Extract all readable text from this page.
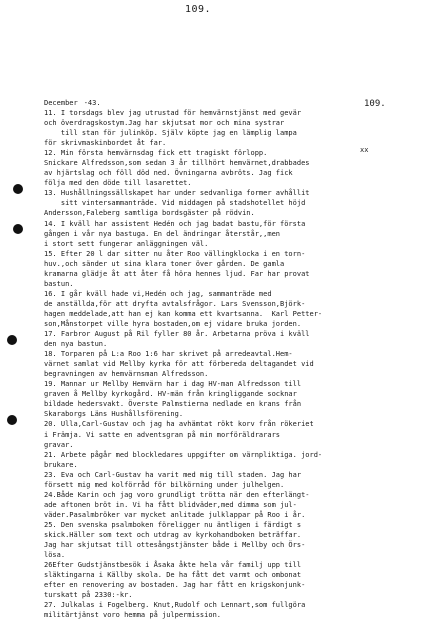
109.
109.
December -43.
xx
11. I torsdags blev jag utrustad för hemvärnstjänst med gevär
och överdragskostym.Jag har skjutsat mor och mina systrar
till stan för julinköp. Själv köpte jag en lämplig lampa
för skrivmaskinbordet åt far.
12. Min första hemvärnsdag fick ett tragiskt förlopp.
Snickare Alfredsson,som sedan 3 år tillhört hemvärnet,drabbades
av hjärtslag och föll död ned. Övningarna avbröts. Jag fick
följa med den döde till lasarettet.
13. Hushållningssällskapet har under sedvanliga former avhållit
sitt vintersammanträde. Vid middagen på stadshotellet höjd
Andersson,Faleberg samtliga bordsgäster på rödvin.
14. I kväll har assistent Hedén och jag badat bastu,för första
gången i vår nya bastuga. En del ändringar återstår,,men
i stort sett fungerar anläggningen väl.
15. Efter 20 l dar sitter nu åter Roo vällingklocka i en torn-
huv.,och sänder ut sina klara toner över gården. De gamla
kramarna glädje åt att åter få höra hennes ljud. Far har provat
bastun.
16. I går kväll hade vi,Hedén och jag, sammanträde med
de anställda,för att dryfta avtalsfrågor. Lars Svensson,Björk-
hagen meddelade,att han ej kan komma ett kvartsanna.  Karl Petter-
son,Månstorpet ville hyra bostaden,om ej vidare bruka jorden.
17. Farbror August på Ril fyller 80 år. Arbetarna pröva i kväll
den nya bastun.
18. Torparen på L:a Roo 1:6 har skrivet på arredeavtal.Hem-
värnet samlat vid Mellby kyrka för att förbereda deltagandet vid
begravningen av hemvärnsman Alfredsson.
19. Mannar ur Mellby Hemvärn har i dag HV-man Alfredsson till
graven å Mellby kyrkogård. HV-män från kringliggande socknar
bildade hedersvakt. Överste Palmstierna nedlade en krans från
Skaraborgs Läns Hushållsförening.
20. Ulla,Carl-Gustav och jag ha avhämtat rökt korv från rökeriet
i Främja. Vi satte en adventsgran på min morföräldrarars
gravar.
21. Arbete pågår med blockledares uppgifter om värnpliktiga. jord-
brukare.
23. Eva och Carl-Gustav ha varit med mig till staden. Jag har
försett mig med kolförråd för bilkörning under julhelgen.
24.Både Karin och jag voro grundligt trötta när den efterlängt-
ade aftonen bröt in. Vi ha fått blidväder,med dimma som jul-
väder.Pasalmbröker var mycket anlitade julklappar på Roo i år.
25. Den svenska psalmboken föreligger nu äntligen i färdigt s
skick.Häller som text och utdrag av kyrkohandboken beträffar.
Jag har skjutsat till ottesångstjänster både i Mellby och Örs-
lösa.
26Efter Gudstjänstbesök i Åsaka åkte hela vår familj upp till
släktingarna i Källby skola. De ha fått det varmt och ombonat
efter en renovering av bostaden. Jag har fått en krigskonjunk-
turskatt på 2330:-kr.
27. Julkalas i Fogelberg. Knut,Rudolf och Lennart,som fullgöra
militärtjänst voro hemma på julpermission.
